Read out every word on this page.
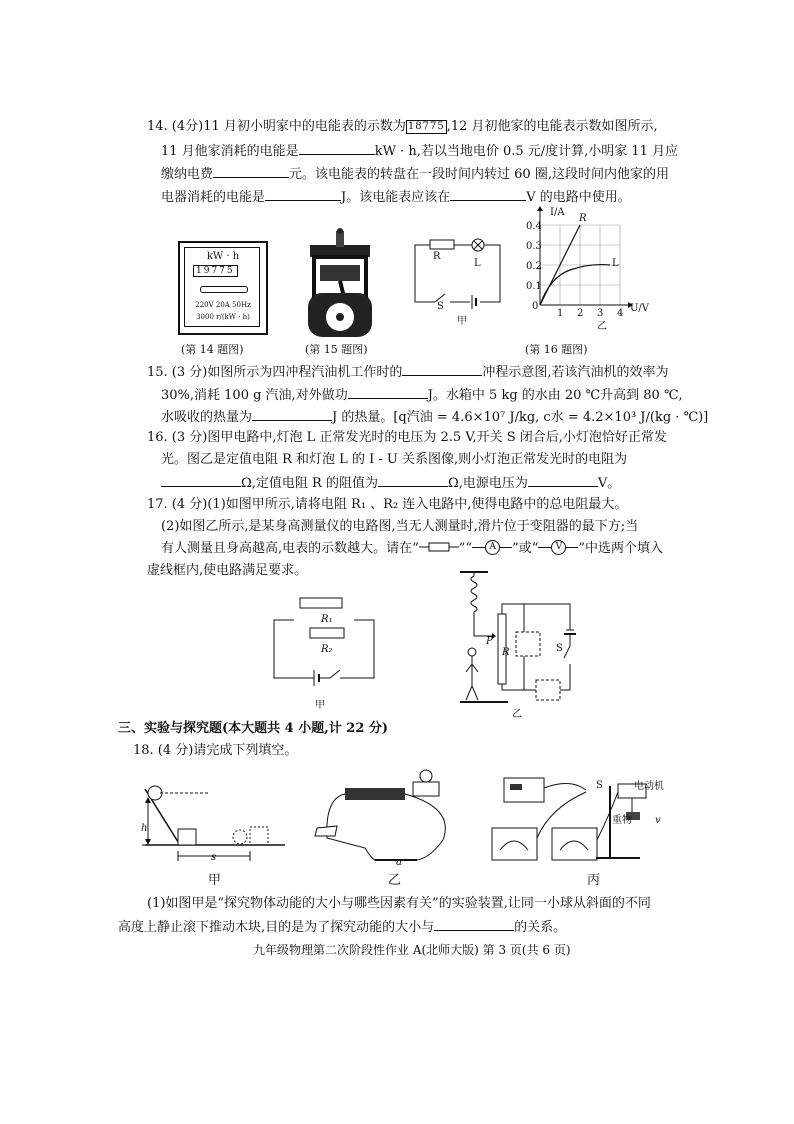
14. (4分)11 月初小明家中的电能表的示数为 18775 ,12 月初他家的电能表示数如图所示,
11 月他家消耗的电能是	kW · h,若以当地电价 0.5 元/度计算,小明家 11 月应
缴纳电费	元。该电能表的转盘在一段时间内转过 60 圈,这段时间内他家的用
电器消耗的电能是	J。该电能表应该在	V 的电路中使用。
kW · h
19775
220V 20A 50Hz
3000 r/(kW · h)
(第 14 题图)	(第 15 题图)
R
L
S
甲
I/A
U/V
R
L
0.4
0.3
0.2
0.1
0
1 2 3 4
乙
(第 16 题图)
15. (3 分)如图所示为四冲程汽油机工作时的	冲程示意图,若该汽油机的效率为
30%,消耗 100 g 汽油,对外做功	J。水箱中 5 kg 的水由 20 ℃升高到 80 ℃,
水吸收的热量为	J 的热量。[q汽油 = 4.6×10⁷ J/kg, c水 = 4.2×10³ J/(kg · ℃)]
16. (3 分)图甲电路中,灯泡 L 正常发光时的电压为 2.5 V,开关 S 闭合后,小灯泡恰好正常发
光。图乙是定值电阻 R 和灯泡 L 的 I - U 关系图像,则小灯泡正常发光时的电阻为
Ω,定值电阻 R 的阻值为	Ω,电源电压为	V。
17. (4 分)(1)如图甲所示,请将电阻 R₁ 、R₂ 连入电路中,使得电路中的总电阻最大。
(2)如图乙所示,是某身高测量仪的电路图,当无人测量时,滑片位于变阻器的最下方;当
有人测量且身高越高,电表的示数越大。请在“	”“	A	”或“	V	”中选两个填入
虚线框内,使电路满足要求。
R₁
R₂
甲
P
R	S
乙
三、实验与探究题(本大题共 4 小题,计 22 分)
18. (4 分)请完成下列填空。
h
s
甲
a
乙
S	电动机
重物 v
丙
(1)如图甲是“探究物体动能的大小与哪些因素有关”的实验装置,让同一小球从斜面的不同
高度上静止滚下推动木块,目的是为了探究动能的大小与	的关系。
九年级物理第二次阶段性作业 A(北师大版) 第 3 页(共 6 页)
